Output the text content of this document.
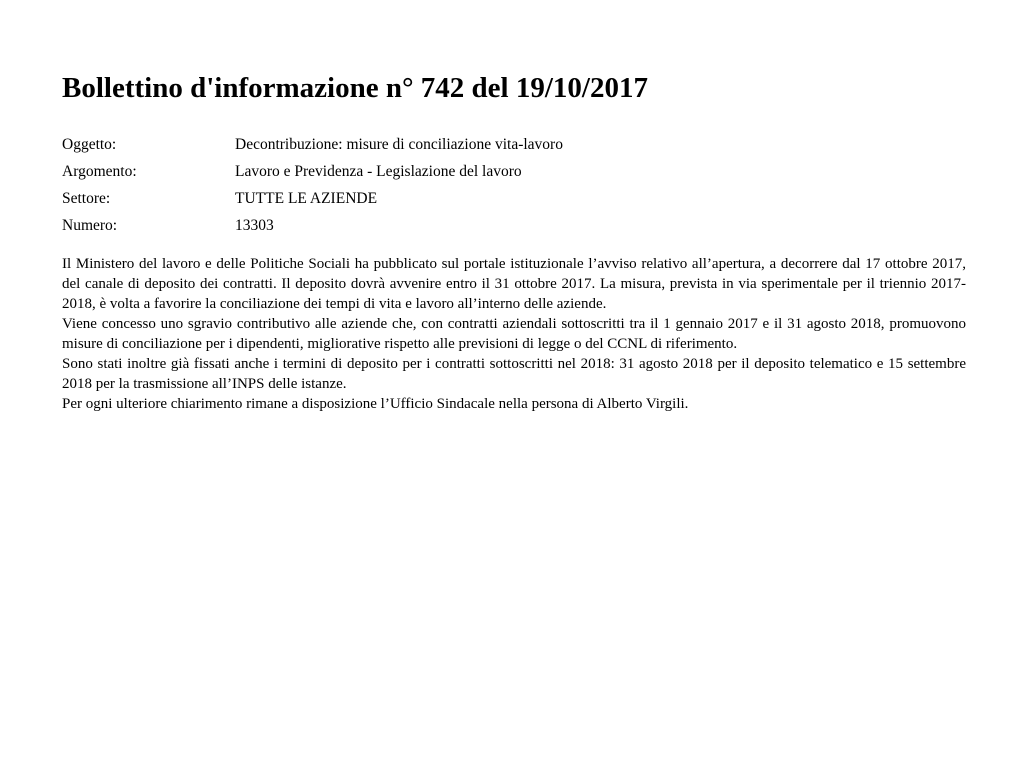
Bollettino d'informazione n° 742 del 19/10/2017
Oggetto:	Decontribuzione: misure di conciliazione vita-lavoro
Argomento:	Lavoro e Previdenza - Legislazione del lavoro
Settore:	TUTTE LE AZIENDE
Numero:	13303

Il Ministero del lavoro e delle Politiche Sociali ha pubblicato sul portale istituzionale l’avviso relativo all’apertura, a decorrere dal 17 ottobre 2017, del canale di deposito dei contratti. Il deposito dovrà avvenire entro il 31 ottobre 2017. La misura, prevista in via sperimentale per il triennio 2017-2018, è volta a favorire la conciliazione dei tempi di vita e lavoro all’interno delle aziende.

Viene concesso uno sgravio contributivo alle aziende che, con contratti aziendali sottoscritti tra il 1 gennaio 2017 e il 31 agosto 2018, promuovono misure di conciliazione per i dipendenti, migliorative rispetto alle previsioni di legge o del CCNL di riferimento.

Sono stati inoltre già fissati anche i termini di deposito per i contratti sottoscritti nel 2018: 31 agosto 2018 per il deposito telematico e 15 settembre 2018 per la trasmissione all’INPS delle istanze.

Per ogni ulteriore chiarimento rimane a disposizione l’Ufficio Sindacale nella persona di Alberto Virgili.
